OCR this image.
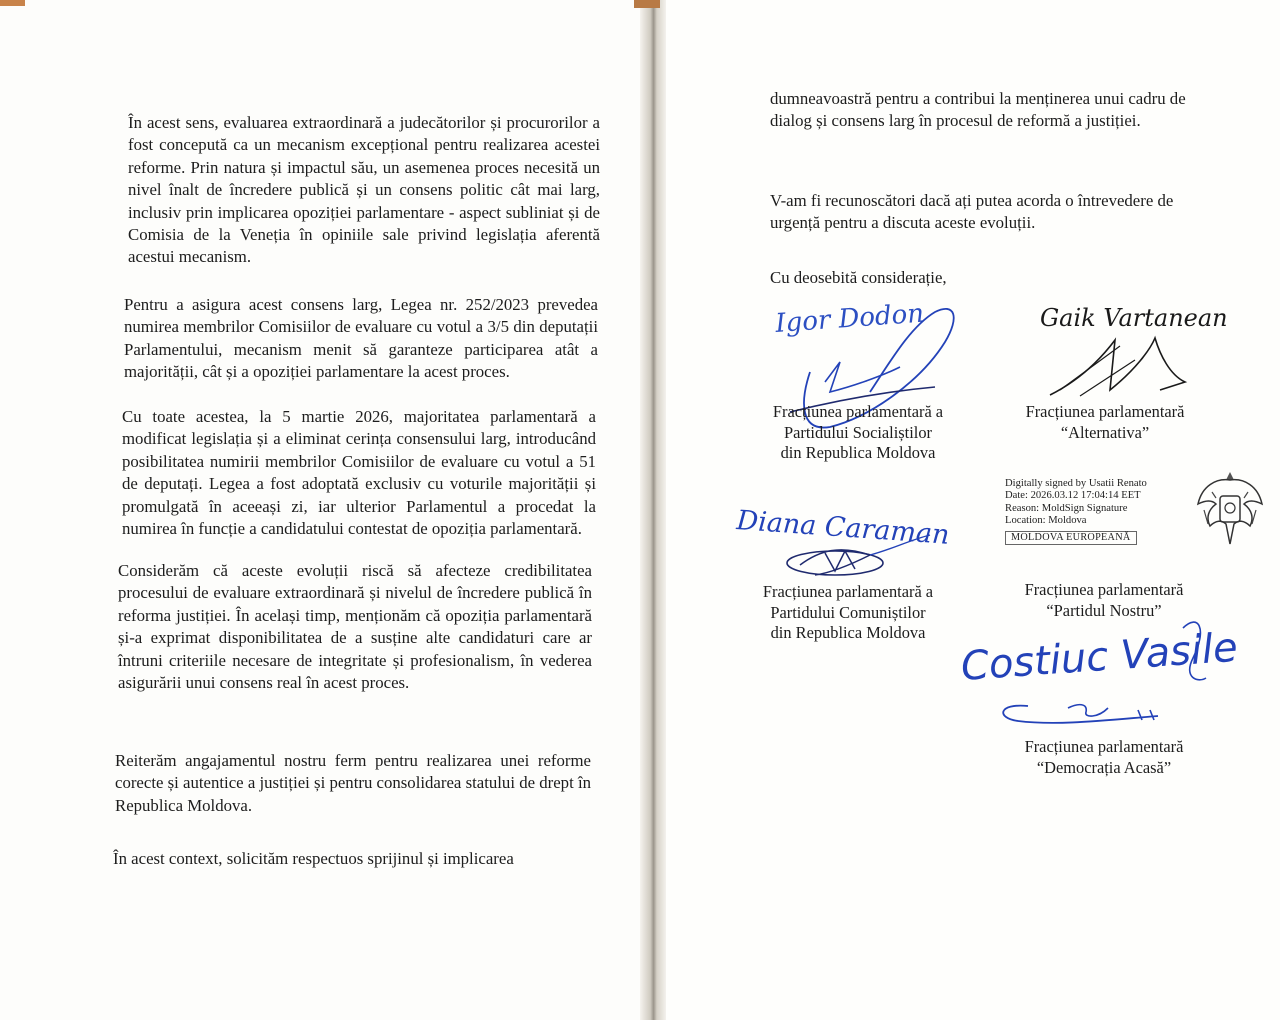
În acest sens, evaluarea extraordinară a judecătorilor și procurorilor a fost concepută ca un mecanism excepțional pentru realizarea acestei reforme. Prin natura și impactul său, un asemenea proces necesită un nivel înalt de încredere publică și un consens politic cât mai larg, inclusiv prin implicarea opoziției parlamentare - aspect subliniat și de Comisia de la Veneția în opiniile sale privind legislația aferentă acestui mecanism.

Pentru a asigura acest consens larg, Legea nr. 252/2023 prevedea numirea membrilor Comisiilor de evaluare cu votul a 3/5 din deputații Parlamentului, mecanism menit să garanteze participarea atât a majorității, cât și a opoziției parlamentare la acest proces.

Cu toate acestea, la 5 martie 2026, majoritatea parlamentară a modificat legislația și a eliminat cerința consensului larg, introducând posibilitatea numirii membrilor Comisiilor de evaluare cu votul a 51 de deputați. Legea a fost adoptată exclusiv cu voturile majorității și promulgată în aceeași zi, iar ulterior Parlamentul a procedat la numirea în funcție a candidatului contestat de opoziția parlamentară.

Considerăm că aceste evoluții riscă să afecteze credibilitatea procesului de evaluare extraordinară și nivelul de încredere publică în reforma justiției. În același timp, menționăm că opoziția parlamentară și-a exprimat disponibilitatea de a susține alte candidaturi care ar întruni criteriile necesare de integritate și profesionalism, în vederea asigurării unui consens real în acest proces.

Reiterăm angajamentul nostru ferm pentru realizarea unei reforme corecte și autentice a justiției și pentru consolidarea statului de drept în Republica Moldova.

În acest context, solicităm respectuos sprijinul și implicarea

dumneavoastră pentru a contribui la menținerea unui cadru de dialog și consens larg în procesul de reformă a justiției.

V-am fi recunoscători dacă ați putea acorda o întrevedere de urgență pentru a discuta aceste evoluții.

Cu deosebită considerație,

Igor Dodon
Fracțiunea parlamentară a
Partidului Socialiștilor
din Republica Moldova
Gaik Vartanean
Fracțiunea parlamentară
“Alternativa”
Digitally signed by Usatii Renato
Date: 2026.03.12 17:04:14 EET
Reason: MoldSign Signature
Location: Moldova
MOLDOVA EUROPEANĂ
Diana Caraman
Fracțiunea parlamentară a
Partidului Comuniștilor
din Republica Moldova
Fracțiunea parlamentară
“Partidul Nostru”
Costiuc Vasile
Fracțiunea parlamentară
“Democrația Acasă”
